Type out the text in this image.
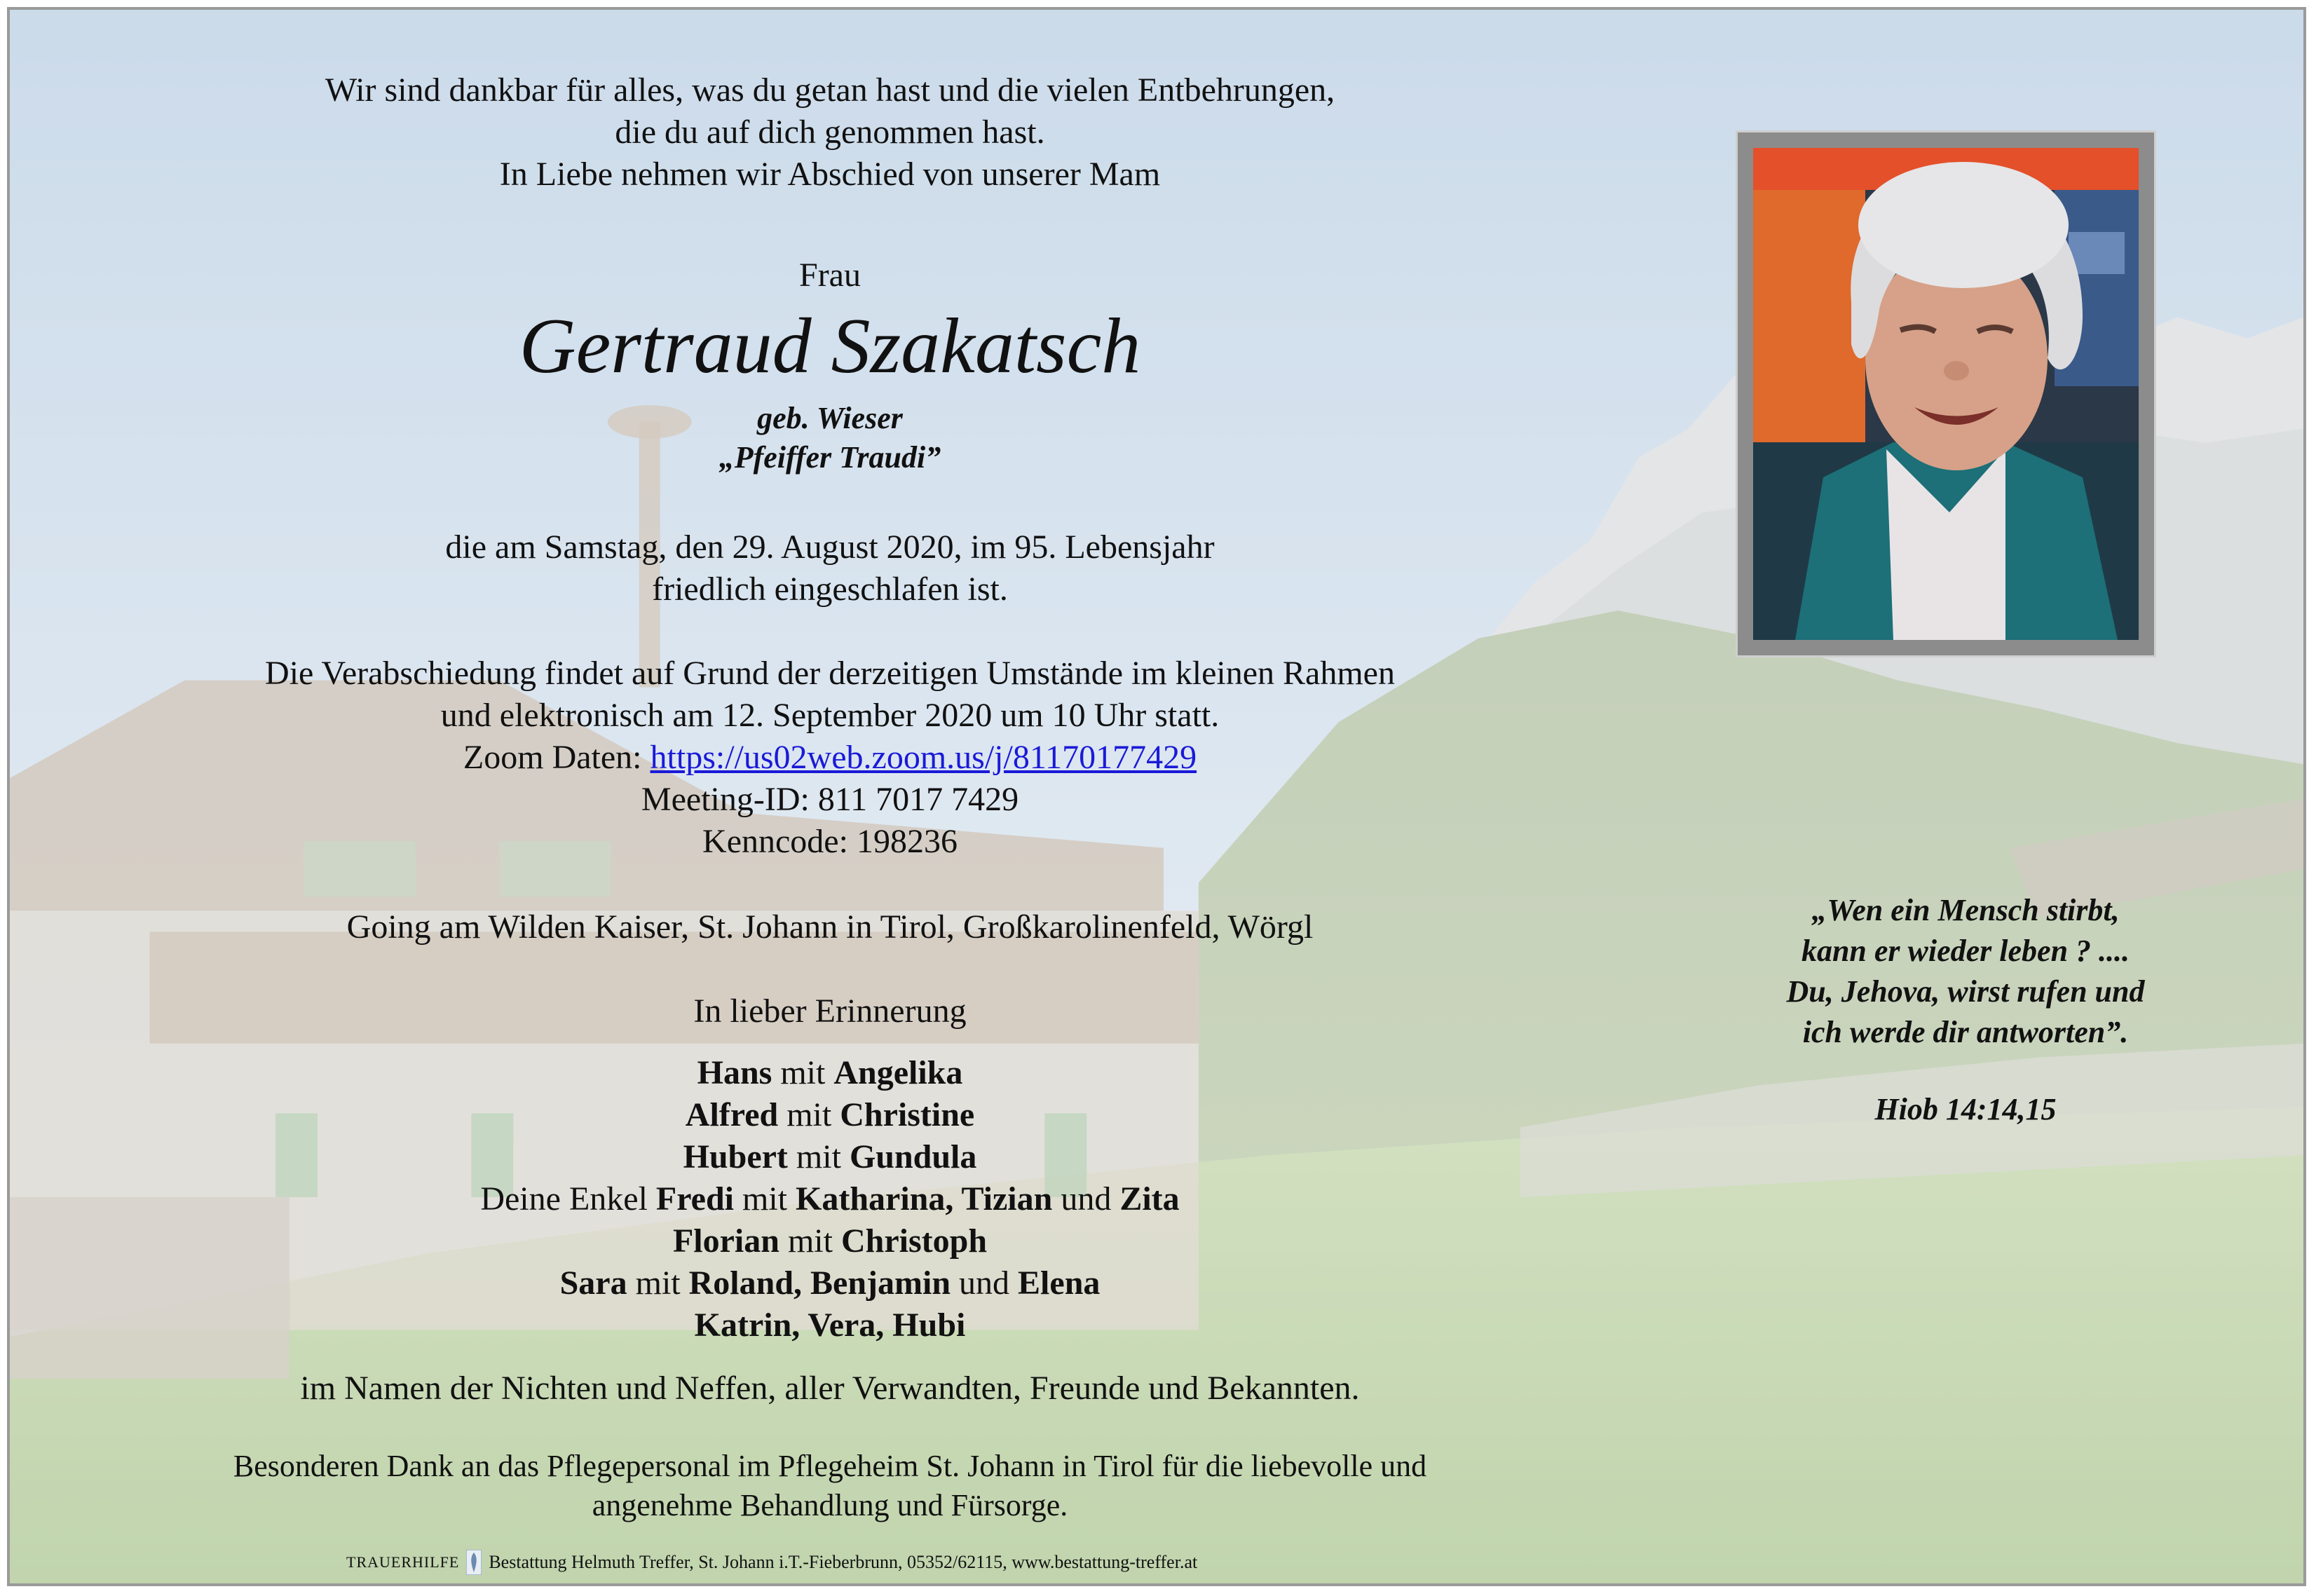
Wir sind dankbar für alles, was du getan hast und die vielen Entbehrungen,
die du auf dich genommen hast.
In Liebe nehmen wir Abschied von unserer Mam
Frau
Gertraud Szakatsch
geb. Wieser
„Pfeiffer Traudi”
die am Samstag, den 29. August 2020, im 95. Lebensjahr
friedlich eingeschlafen ist.
Die Verabschiedung findet auf Grund der derzeitigen Umstände im kleinen Rahmen
und elektronisch am 12. September 2020 um 10 Uhr statt.
Zoom Daten: https://us02web.zoom.us/j/81170177429
Meeting-ID: 811 7017 7429
Kenncode: 198236
Going am Wilden Kaiser, St. Johann in Tirol, Großkarolinenfeld, Wörgl
In lieber Erinnerung
Hans mit Angelika
Alfred mit Christine
Hubert mit Gundula
Deine Enkel Fredi mit Katharina, Tizian und Zita
Florian mit Christoph
Sara mit Roland, Benjamin und Elena
Katrin, Vera, Hubi
im Namen der Nichten und Neffen, aller Verwandten, Freunde und Bekannten.
Besonderen Dank an das Pflegepersonal im Pflegeheim St. Johann in Tirol für die liebevolle und
angenehme Behandlung und Fürsorge.
„Wen ein Mensch stirbt,
kann er wieder leben ? ....
Du, Jehova, wirst rufen und
ich werde dir antworten”.
Hiob 14:14,15
TRAUERHILFE Bestattung Helmuth Treffer, St. Johann i.T.-Fieberbrunn, 05352/62115, www.bestattung-treffer.at
